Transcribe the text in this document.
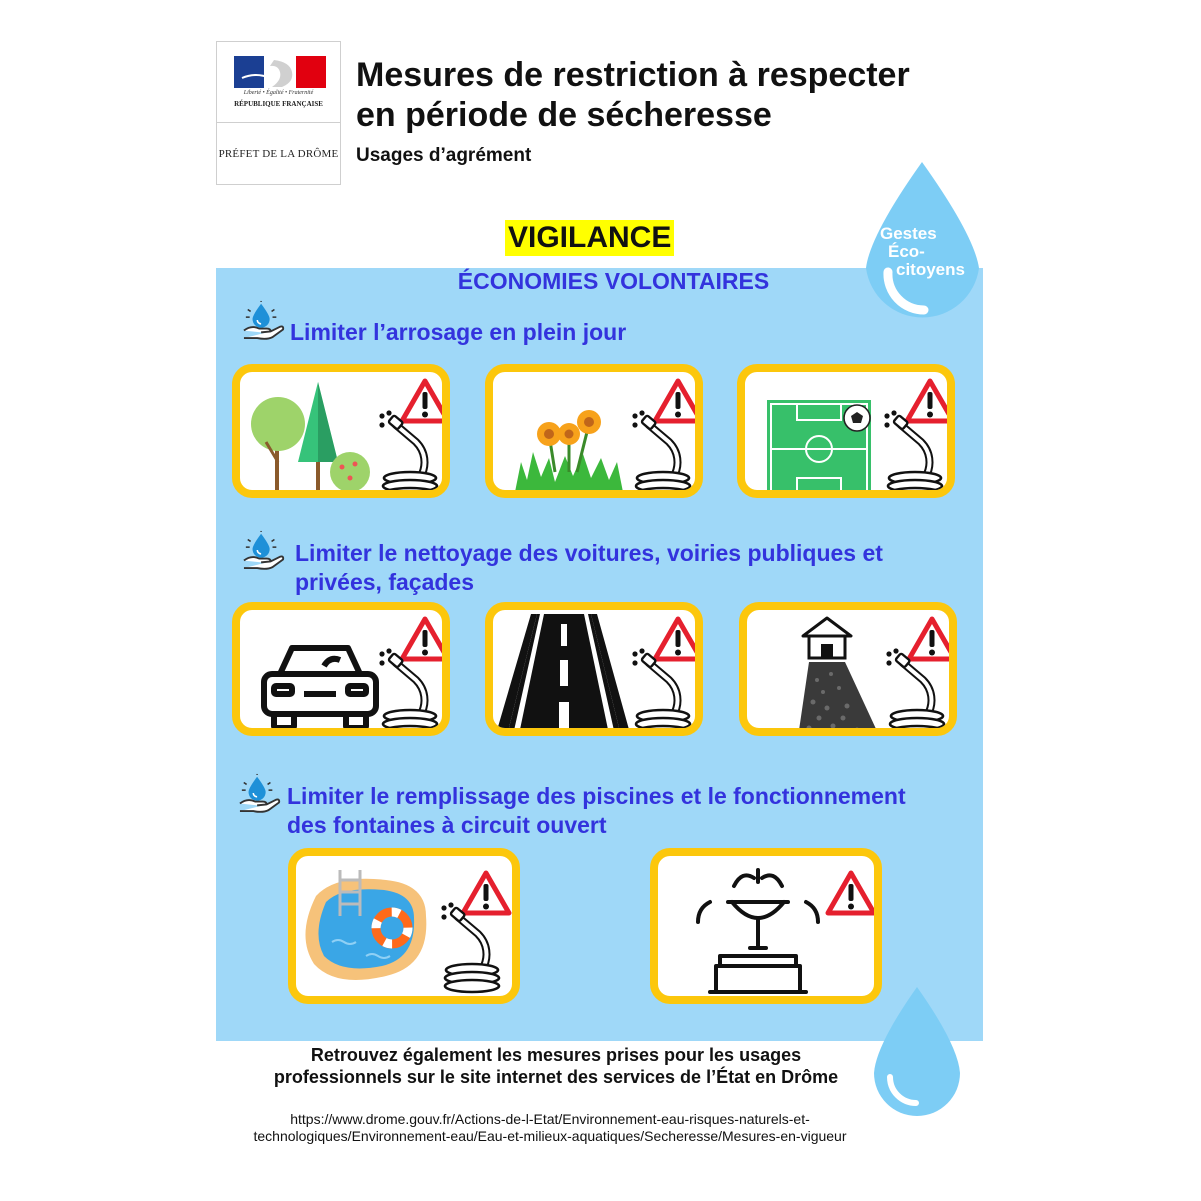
Liberté • Égalité • Fraternité
RÉPUBLIQUE FRANÇAISE
PRÉFET DE LA DRÔME
Mesures de restriction à respecter
en période de sécheresse
Usages d’agrément
VIGILANCE
ÉCONOMIES VOLONTAIRES
Gestes
Éco-
citoyens
Limiter l’arrosage en plein jour
Limiter le nettoyage des voitures, voiries publiques et
privées, façades
Limiter le remplissage des piscines et le fonctionnement
des fontaines à circuit ouvert
Retrouvez également les mesures prises pour les usages
professionnels sur le site internet des services de l’État en Drôme
https://www.drome.gouv.fr/Actions-de-l-Etat/Environnement-eau-risques-naturels-et-
technologiques/Environnement-eau/Eau-et-milieux-aquatiques/Secheresse/Mesures-en-vigueur
